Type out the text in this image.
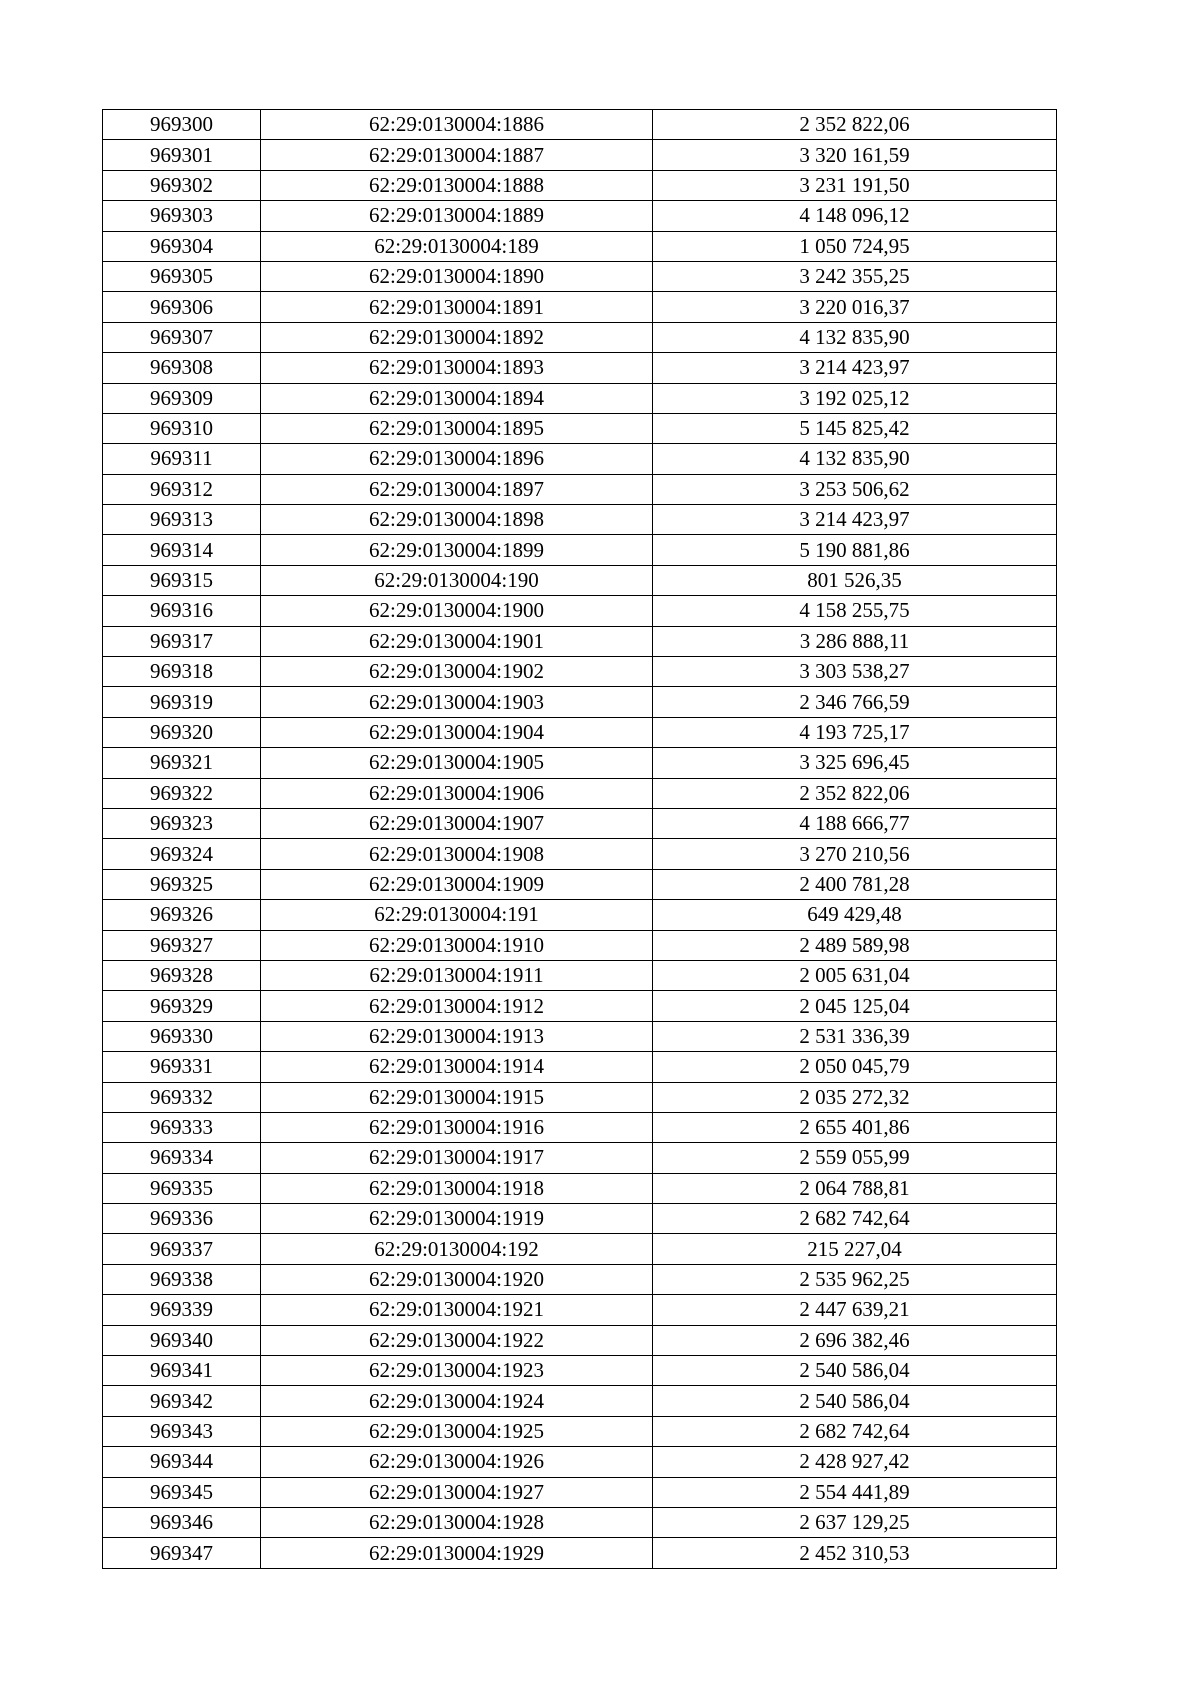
969300	62:29:0130004:1886	2 352 822,06
969301	62:29:0130004:1887	3 320 161,59
969302	62:29:0130004:1888	3 231 191,50
969303	62:29:0130004:1889	4 148 096,12
969304	62:29:0130004:189	1 050 724,95
969305	62:29:0130004:1890	3 242 355,25
969306	62:29:0130004:1891	3 220 016,37
969307	62:29:0130004:1892	4 132 835,90
969308	62:29:0130004:1893	3 214 423,97
969309	62:29:0130004:1894	3 192 025,12
969310	62:29:0130004:1895	5 145 825,42
969311	62:29:0130004:1896	4 132 835,90
969312	62:29:0130004:1897	3 253 506,62
969313	62:29:0130004:1898	3 214 423,97
969314	62:29:0130004:1899	5 190 881,86
969315	62:29:0130004:190	801 526,35
969316	62:29:0130004:1900	4 158 255,75
969317	62:29:0130004:1901	3 286 888,11
969318	62:29:0130004:1902	3 303 538,27
969319	62:29:0130004:1903	2 346 766,59
969320	62:29:0130004:1904	4 193 725,17
969321	62:29:0130004:1905	3 325 696,45
969322	62:29:0130004:1906	2 352 822,06
969323	62:29:0130004:1907	4 188 666,77
969324	62:29:0130004:1908	3 270 210,56
969325	62:29:0130004:1909	2 400 781,28
969326	62:29:0130004:191	649 429,48
969327	62:29:0130004:1910	2 489 589,98
969328	62:29:0130004:1911	2 005 631,04
969329	62:29:0130004:1912	2 045 125,04
969330	62:29:0130004:1913	2 531 336,39
969331	62:29:0130004:1914	2 050 045,79
969332	62:29:0130004:1915	2 035 272,32
969333	62:29:0130004:1916	2 655 401,86
969334	62:29:0130004:1917	2 559 055,99
969335	62:29:0130004:1918	2 064 788,81
969336	62:29:0130004:1919	2 682 742,64
969337	62:29:0130004:192	215 227,04
969338	62:29:0130004:1920	2 535 962,25
969339	62:29:0130004:1921	2 447 639,21
969340	62:29:0130004:1922	2 696 382,46
969341	62:29:0130004:1923	2 540 586,04
969342	62:29:0130004:1924	2 540 586,04
969343	62:29:0130004:1925	2 682 742,64
969344	62:29:0130004:1926	2 428 927,42
969345	62:29:0130004:1927	2 554 441,89
969346	62:29:0130004:1928	2 637 129,25
969347	62:29:0130004:1929	2 452 310,53
